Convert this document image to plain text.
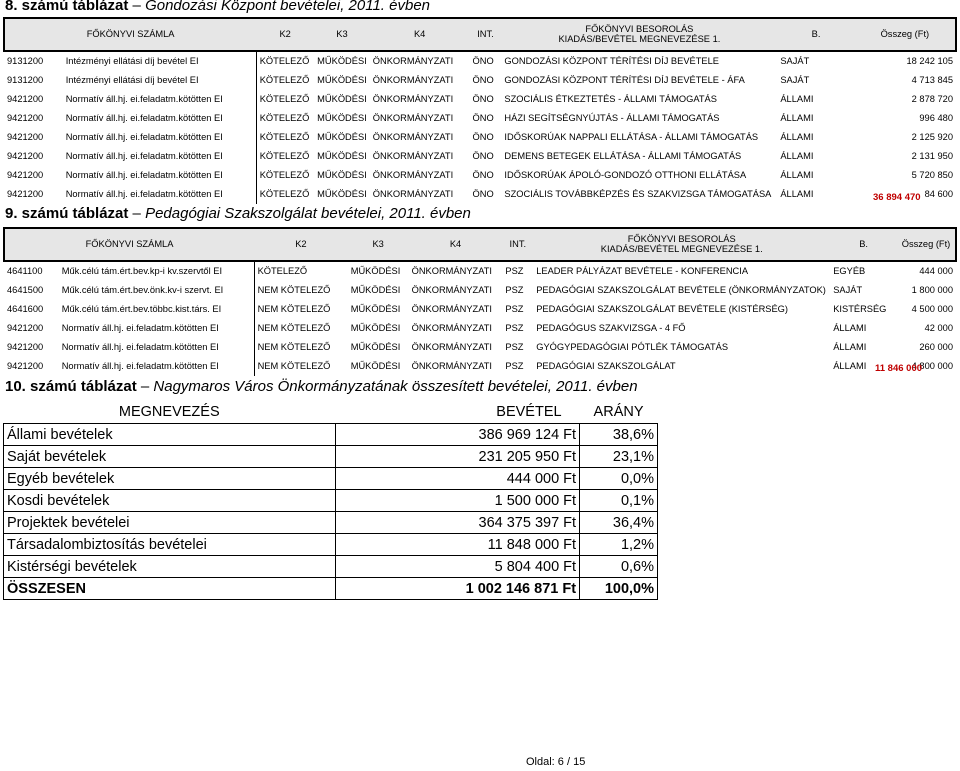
8. számú táblázat – Gondozási Központ bevételei, 2011. évben
FŐKÖNYVI SZÁMLA		K2	K3	K4	INT.	FŐKÖNYVI BESOROLÁS
KIADÁS/BEVÉTEL MEGNEVEZÉSE 1.	B.	Összeg (Ft)
9131200	Intézményi ellátási díj bevétel EI	KÖTELEZŐ	MŰKÖDÉSI	ÖNKORMÁNYZATI	ÖNO	GONDOZÁSI KÖZPONT TÉRÍTÉSI DÍJ BEVÉTELE	SAJÁT	18 242 105
9131200	Intézményi ellátási díj bevétel EI	KÖTELEZŐ	MŰKÖDÉSI	ÖNKORMÁNYZATI	ÖNO	GONDOZÁSI KÖZPONT TÉRÍTÉSI DÍJ BEVÉTELE - ÁFA	SAJÁT	4 713 845
9421200	Normatív áll.hj. ei.feladatm.kötötten EI	KÖTELEZŐ	MŰKÖDÉSI	ÖNKORMÁNYZATI	ÖNO	SZOCIÁLIS ÉTKEZTETÉS - ÁLLAMI TÁMOGATÁS	ÁLLAMI	2 878 720
9421200	Normatív áll.hj. ei.feladatm.kötötten EI	KÖTELEZŐ	MŰKÖDÉSI	ÖNKORMÁNYZATI	ÖNO	HÁZI SEGÍTSÉGNYÚJTÁS - ÁLLAMI TÁMOGATÁS	ÁLLAMI	996 480
9421200	Normatív áll.hj. ei.feladatm.kötötten EI	KÖTELEZŐ	MŰKÖDÉSI	ÖNKORMÁNYZATI	ÖNO	IDŐSKORÚAK NAPPALI ELLÁTÁSA - ÁLLAMI TÁMOGATÁS	ÁLLAMI	2 125 920
9421200	Normatív áll.hj. ei.feladatm.kötötten EI	KÖTELEZŐ	MŰKÖDÉSI	ÖNKORMÁNYZATI	ÖNO	DEMENS BETEGEK ELLÁTÁSA - ÁLLAMI TÁMOGATÁS	ÁLLAMI	2 131 950
9421200	Normatív áll.hj. ei.feladatm.kötötten EI	KÖTELEZŐ	MŰKÖDÉSI	ÖNKORMÁNYZATI	ÖNO	IDŐSKORÚAK ÁPOLÓ-GONDOZÓ OTTHONI ELLÁTÁSA	ÁLLAMI	5 720 850
9421200	Normatív áll.hj. ei.feladatm.kötötten EI	KÖTELEZŐ	MŰKÖDÉSI	ÖNKORMÁNYZATI	ÖNO	SZOCIÁLIS TOVÁBBKÉPZÉS ÉS SZAKVIZSGA TÁMOGATÁSA	ÁLLAMI	84 600
36 894 470
9. számú táblázat – Pedagógiai Szakszolgálat bevételei, 2011. évben
FŐKÖNYVI SZÁMLA		K2	K3	K4	INT.	FŐKÖNYVI BESOROLÁS
KIADÁS/BEVÉTEL MEGNEVEZÉSE 1.	B.	Összeg (Ft)
4641100	Műk.célú tám.ért.bev.kp-i kv.szervtől EI	KÖTELEZŐ	MŰKÖDÉSI	ÖNKORMÁNYZATI	PSZ	LEADER PÁLYÁZAT BEVÉTELE - KONFERENCIA	EGYÉB	444 000
4641500	Műk.célú tám.ért.bev.önk.kv-i szervt. EI	NEM KÖTELEZŐ	MŰKÖDÉSI	ÖNKORMÁNYZATI	PSZ	PEDAGÓGIAI SZAKSZOLGÁLAT BEVÉTELE (ÖNKORMÁNYZATOK)	SAJÁT	1 800 000
4641600	Műk.célú tám.ért.bev.többc.kist.társ. EI	NEM KÖTELEZŐ	MŰKÖDÉSI	ÖNKORMÁNYZATI	PSZ	PEDAGÓGIAI SZAKSZOLGÁLAT BEVÉTELE (KISTÉRSÉG)	KISTÉRSÉG	4 500 000
9421200	Normatív áll.hj. ei.feladatm.kötötten EI	NEM KÖTELEZŐ	MŰKÖDÉSI	ÖNKORMÁNYZATI	PSZ	PEDAGÓGUS SZAKVIZSGA - 4 FŐ	ÁLLAMI	42 000
9421200	Normatív áll.hj. ei.feladatm.kötötten EI	NEM KÖTELEZŐ	MŰKÖDÉSI	ÖNKORMÁNYZATI	PSZ	GYÓGYPEDAGÓGIAI PÓTLÉK TÁMOGATÁS	ÁLLAMI	260 000
9421200	Normatív áll.hj. ei.feladatm.kötötten EI	NEM KÖTELEZŐ	MŰKÖDÉSI	ÖNKORMÁNYZATI	PSZ	PEDAGÓGIAI SZAKSZOLGÁLAT	ÁLLAMI	4 800 000
11 846 000
10. számú táblázat – Nagymaros Város Önkormányzatának összesített bevételei, 2011. évben
MEGNEVEZÉS	BEVÉTEL	ARÁNY
Állami bevételek	386 969 124 Ft	38,6%
Saját bevételek	231 205 950 Ft	23,1%
Egyéb bevételek	444 000 Ft	0,0%
Kosdi bevételek	1 500 000 Ft	0,1%
Projektek bevételei	364 375 397 Ft	36,4%
Társadalombiztosítás bevételei	11 848 000 Ft	1,2%
Kistérségi bevételek	5 804 400 Ft	0,6%
ÖSSZESEN	1 002 146 871 Ft	100,0%
Oldal: 6 / 15
